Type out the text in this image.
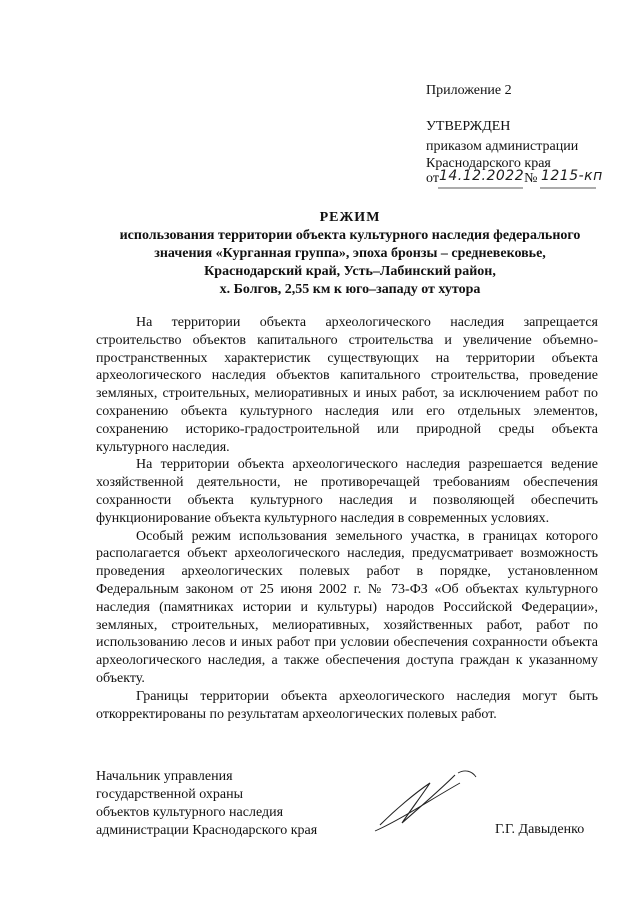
Приложение 2
УТВЕРЖДЕН
приказом администрации
Краснодарского края
от14.12.2022№ 1215-кп
РЕЖИМ
использования территории объекта культурного наследия федерального
значения «Курганная группа», эпоха бронзы – средневековье,
Краснодарский край, Усть–Лабинский район,
х. Болгов, 2,55 км к юго–западу от хутора

На территории объекта археологического наследия запрещается строительство объектов капитального строительства и увеличение объемно-пространственных характеристик существующих на территории объекта археологического наследия объектов капитального строительства, проведение земляных, строительных, мелиоративных и иных работ, за исключением работ по сохранению объекта культурного наследия или его отдельных элементов, сохранению историко-градостроительной или природной среды объекта культурного наследия.

На территории объекта археологического наследия разрешается ведение хозяйственной деятельности, не противоречащей требованиям обеспечения сохранности объекта культурного наследия и позволяющей обеспечить функционирование объекта культурного наследия в современных условиях.

Особый режим использования земельного участка, в границах которого располагается объект археологического наследия, предусматривает возможность проведения археологических полевых работ в порядке, установленном Федеральным законом от 25 июня 2002 г. № 73-ФЗ «Об объектах культурного наследия (памятниках истории и культуры) народов Российской Федерации», земляных, строительных, мелиоративных, хозяйственных работ, работ по использованию лесов и иных работ при условии обеспечения сохранности объекта археологического наследия, а также обеспечения доступа граждан к указанному объекту.

Границы территории объекта археологического наследия могут быть откорректированы по результатам археологических полевых работ.

Начальник управления
государственной охраны
объектов культурного наследия
администрации Краснодарского края	Г.Г. Давыденко
